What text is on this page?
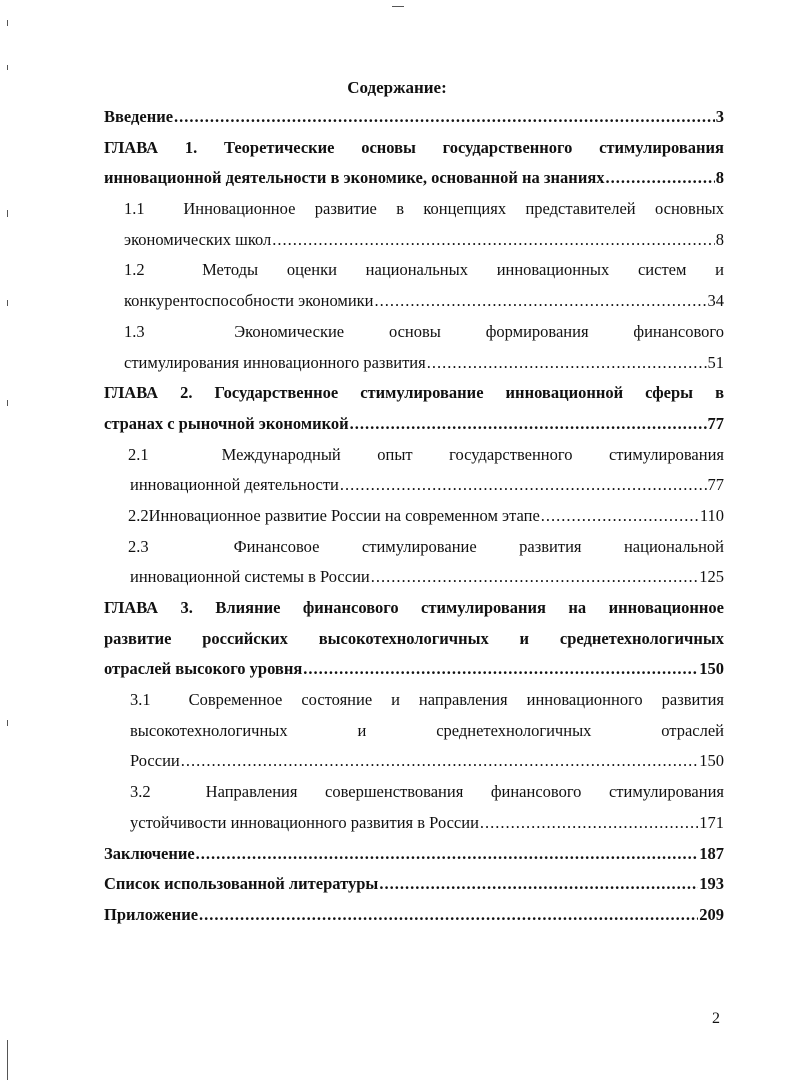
Содержание:
Введение .....	3
ГЛАВА 1. Теоретические основы государственного стимулирования
инновационной деятельности в экономике, основанной на знаниях .....	8
1.1 Инновационное развитие в концепциях представителей основных
экономических школ .....	8
1.2	Методы оценки национальных инновационных систем и
конкурентоспособности экономики .....	34
1.3	Экономические основы формирования финансового
стимулирования инновационного развития .....	51
ГЛАВА 2. Государственное стимулирование инновационной сферы в
странах с рыночной экономикой .....	77
2.1	Международный опыт государственного стимулирования
инновационной деятельности .....	77
2.2 Инновационное развитие России на современном этапе .....	110
2.3	Финансовое стимулирование развития национальной
инновационной системы в России .....	125
ГЛАВА 3. Влияние финансового стимулирования на инновационное
развитие российских высокотехнологичных и среднетехнологичных
отраслей высокого уровня .....	150
3.1 Современное состояние и направления инновационного развития
высокотехнологичных и среднетехнологичных отраслей
России .....	150
3.2	Направления совершенствования финансового стимулирования
устойчивости инновационного развития в России .....	171
Заключение .....	187
Список использованной литературы .....	193
Приложение .....	209
2
